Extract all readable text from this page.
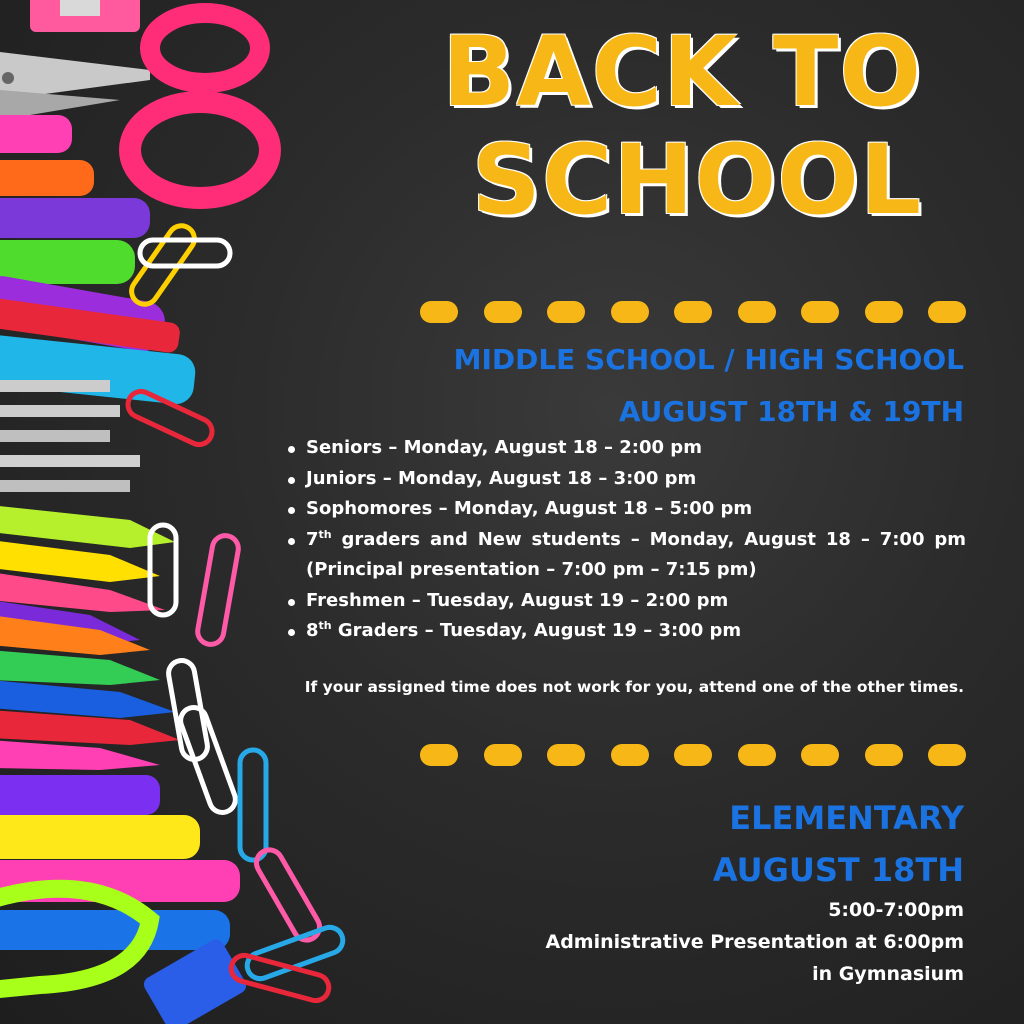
BACK TO
SCHOOL
MIDDLE SCHOOL / HIGH SCHOOL
AUGUST 18TH & 19TH
Seniors – Monday, August 18 – 2:00 pm
Juniors – Monday, August 18 – 3:00 pm
Sophomores – Monday, August 18 – 5:00 pm
7th graders and New students – Monday, August 18 – 7:00 pm
(Principal presentation – 7:00 pm – 7:15 pm)
Freshmen – Tuesday, August 19 – 2:00 pm
8th Graders – Tuesday, August 19 – 3:00 pm
If your assigned time does not work for you, attend one of the other times.
ELEMENTARY
AUGUST 18TH
5:00-7:00pm
Administrative Presentation at 6:00pm
in Gymnasium
